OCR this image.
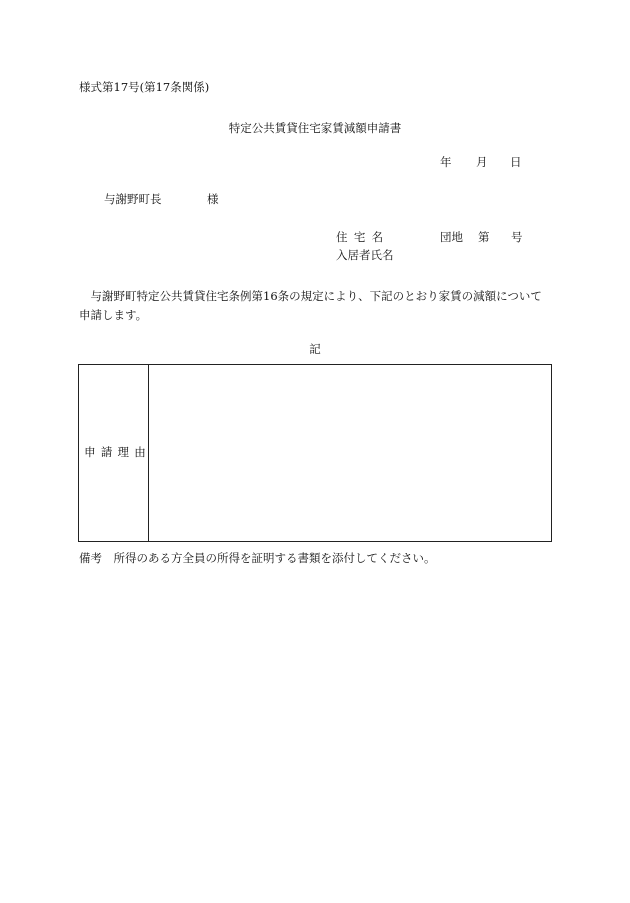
様式第17号(第17条関係)
特定公共賃貸住宅家賃減額申請書
年 月 日
与謝野町長	様
住宅名	団地 第 号
入居者氏名
与謝野町特定公共賃貸住宅条例第16条の規定により、下記のとおり家賃の減額について申請します。
記
申請理由
備考　所得のある方全員の所得を証明する書類を添付してください。
